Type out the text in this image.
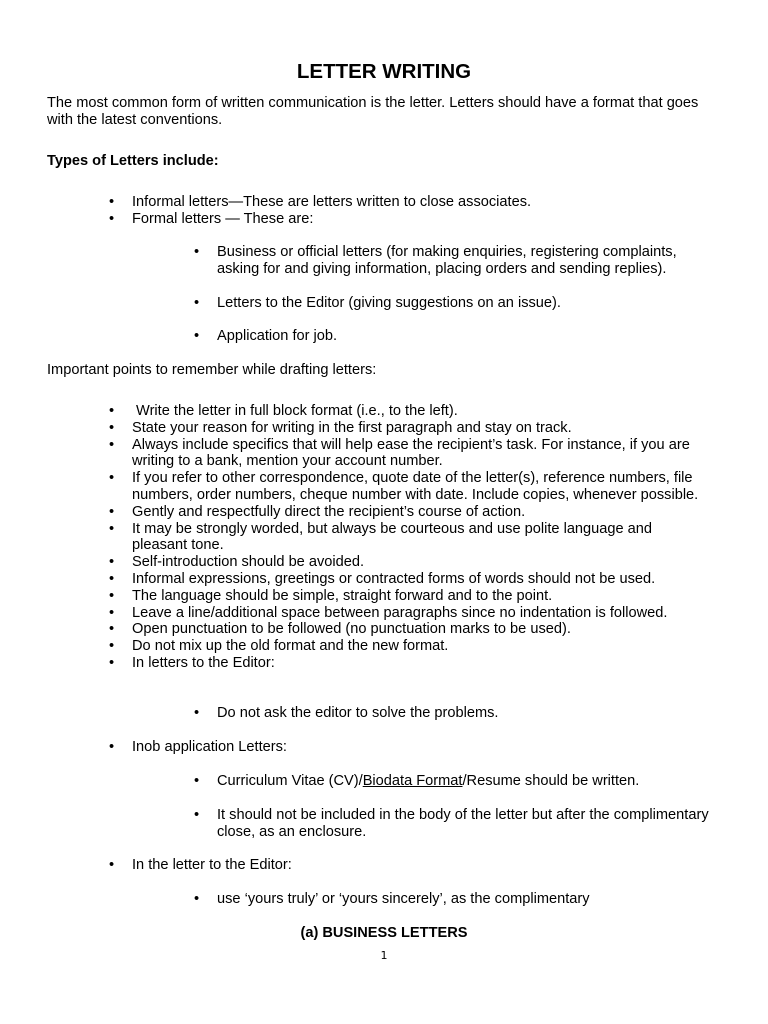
LETTER WRITING
The most common form of written communication is the letter. Letters should have a format that goes with the latest conventions.
Types of Letters include:
• Informal letters—These are letters written to close associates.
• Formal letters — These are:
• Business or official letters (for making enquiries, registering complaints, asking for and giving information, placing orders and sending replies).
• Letters to the Editor (giving suggestions on an issue).
• Application for job.
Important points to remember while drafting letters:
•  Write the letter in full block format (i.e., to the left).
• State your reason for writing in the first paragraph and stay on track.
• Always include specifics that will help ease the recipient’s task. For instance, if you are writing to a bank, mention your account number.
• If you refer to other correspondence, quote date of the letter(s), reference numbers, file numbers, order numbers, cheque number with date. Include copies, whenever possible.
• Gently and respectfully direct the recipient’s course of action.
• It may be strongly worded, but always be courteous and use polite language and pleasant tone.
• Self-introduction should be avoided.
• Informal expressions, greetings or contracted forms of words should not be used.
• The language should be simple, straight forward and to the point.
• Leave a line/additional space between paragraphs since no indentation is followed.
• Open punctuation to be followed (no punctuation marks to be used).
• Do not mix up the old format and the new format.
• In letters to the Editor:
• Do not ask the editor to solve the problems.
• Inob application Letters:
• Curriculum Vitae (CV)/Biodata Format/Resume should be written.
• It should not be included in the body of the letter but after the complimentary close, as an enclosure.
• In the letter to the Editor:
• use ‘yours truly’ or ‘yours sincerely’, as the complimentary
(a) BUSINESS LETTERS
1
